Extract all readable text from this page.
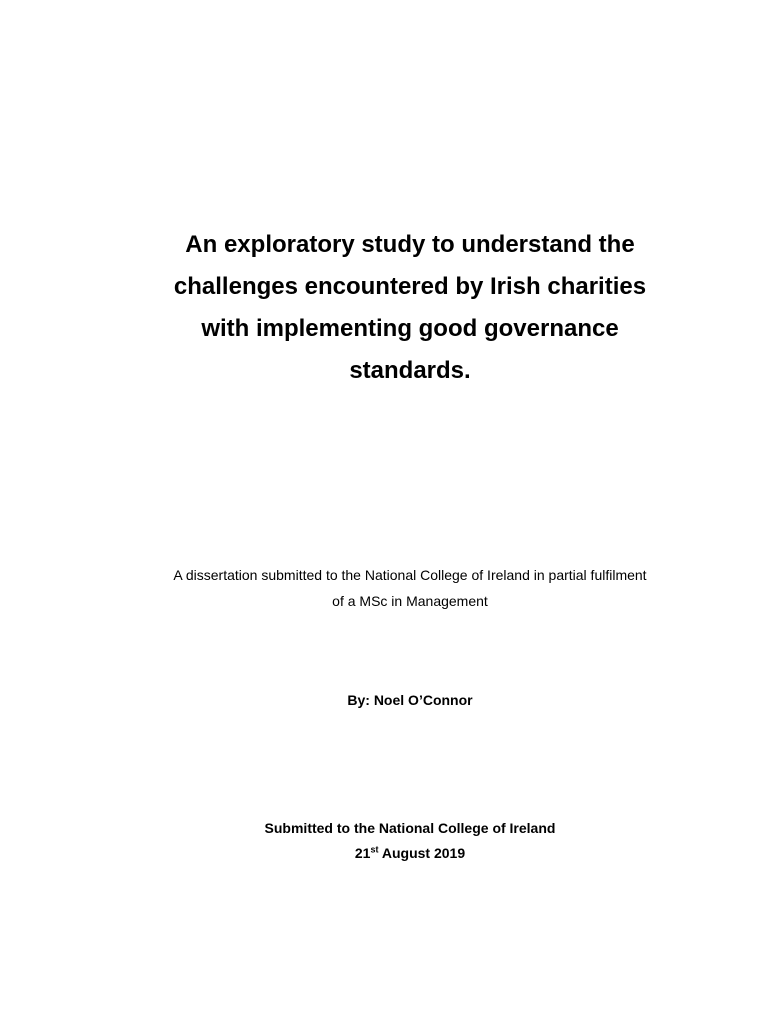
An exploratory study to understand the
challenges encountered by Irish charities
with implementing good governance
standards.
A dissertation submitted to the National College of Ireland in partial fulfilment
of a MSc in Management
By: Noel O’Connor
Submitted to the National College of Ireland
21st August 2019
